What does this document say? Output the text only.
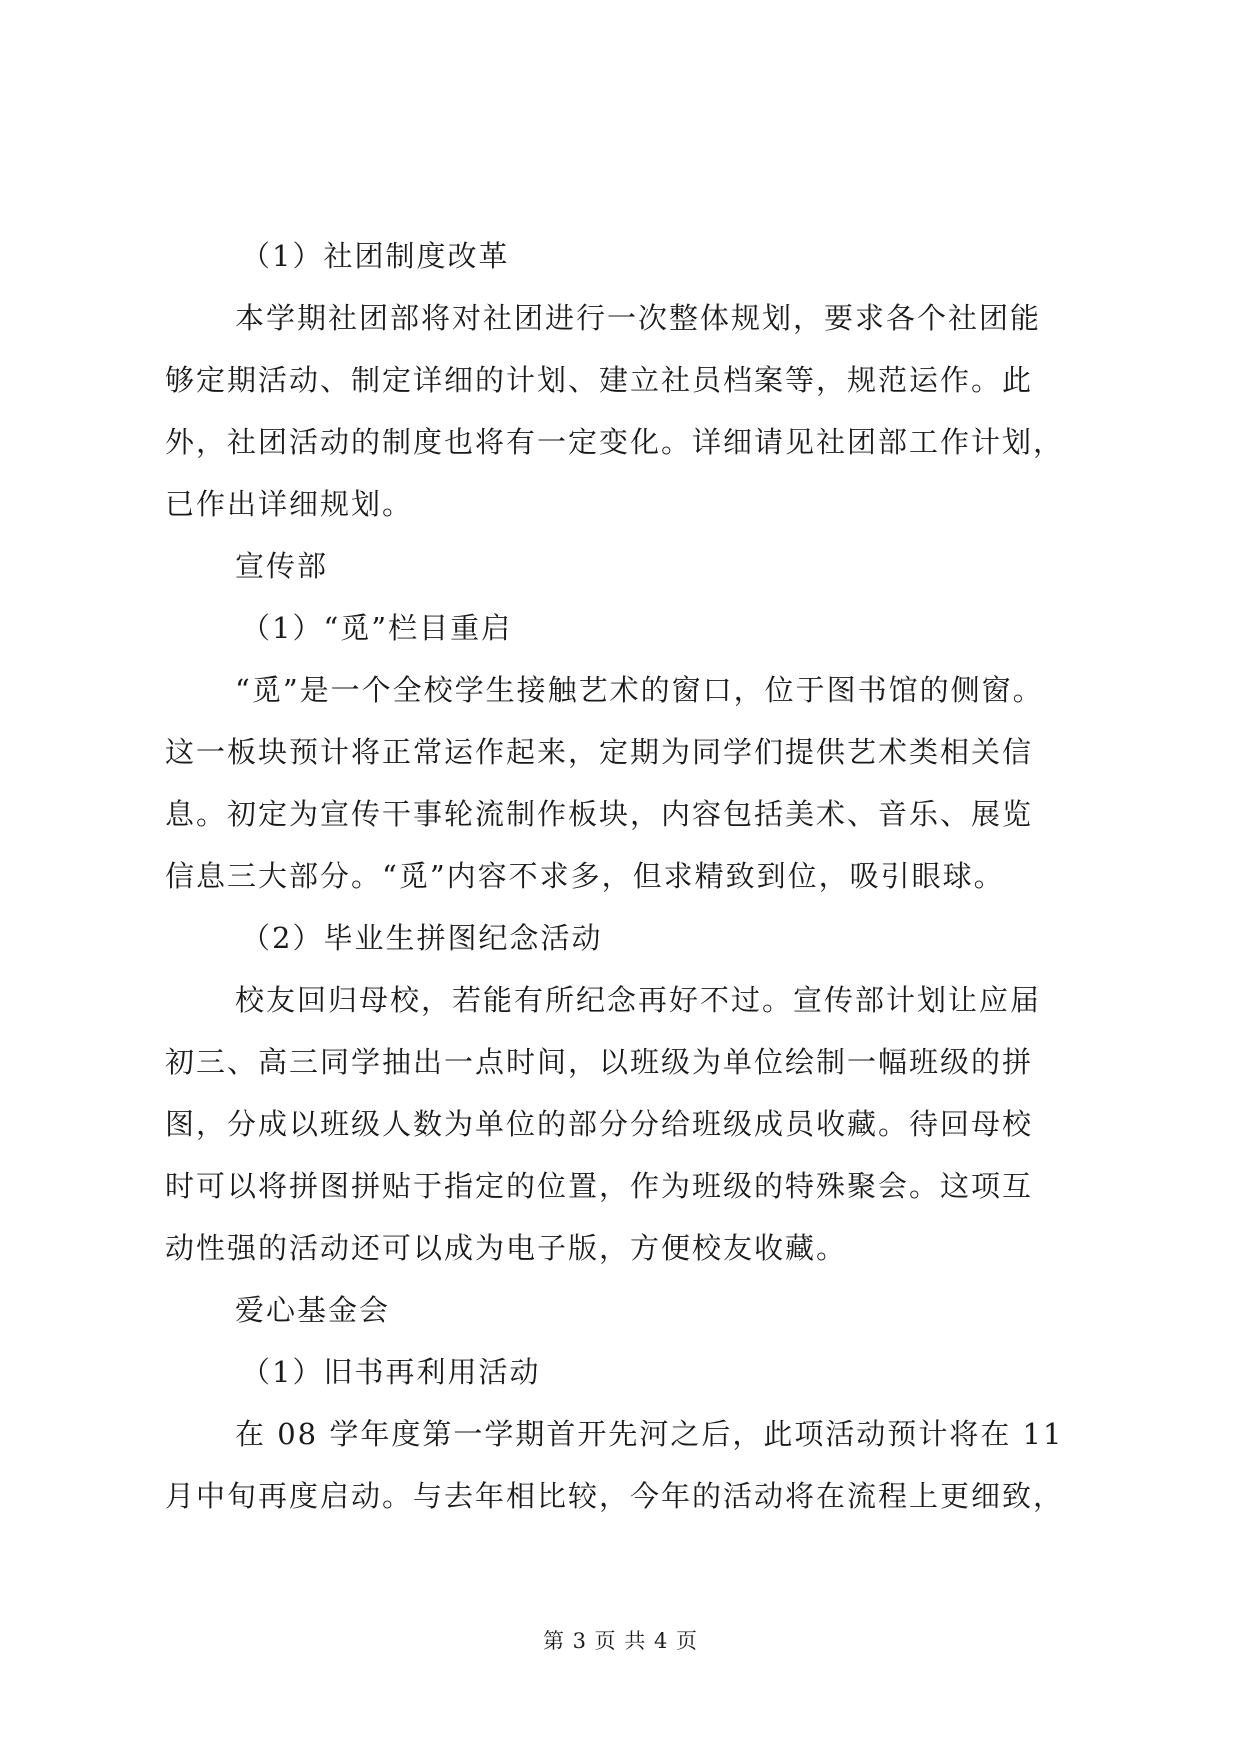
（1）社团制度改革
本学期社团部将对社团进行一次整体规划，要求各个社团能
够定期活动、制定详细的计划、建立社员档案等，规范运作。此
外，社团活动的制度也将有一定变化。详细请见社团部工作计划，
已作出详细规划。
宣传部
（1）“觅”栏目重启
“觅”是一个全校学生接触艺术的窗口，位于图书馆的侧窗。
这一板块预计将正常运作起来，定期为同学们提供艺术类相关信
息。初定为宣传干事轮流制作板块，内容包括美术、音乐、展览
信息三大部分。“觅”内容不求多，但求精致到位，吸引眼球。
（2）毕业生拼图纪念活动
校友回归母校，若能有所纪念再好不过。宣传部计划让应届
初三、高三同学抽出一点时间，以班级为单位绘制一幅班级的拼
图，分成以班级人数为单位的部分分给班级成员收藏。待回母校
时可以将拼图拼贴于指定的位置，作为班级的特殊聚会。这项互
动性强的活动还可以成为电子版，方便校友收藏。
爱心基金会
（1）旧书再利用活动
在 08 学年度第一学期首开先河之后，此项活动预计将在 11
月中旬再度启动。与去年相比较，今年的活动将在流程上更细致，
第 3 页 共 4 页
